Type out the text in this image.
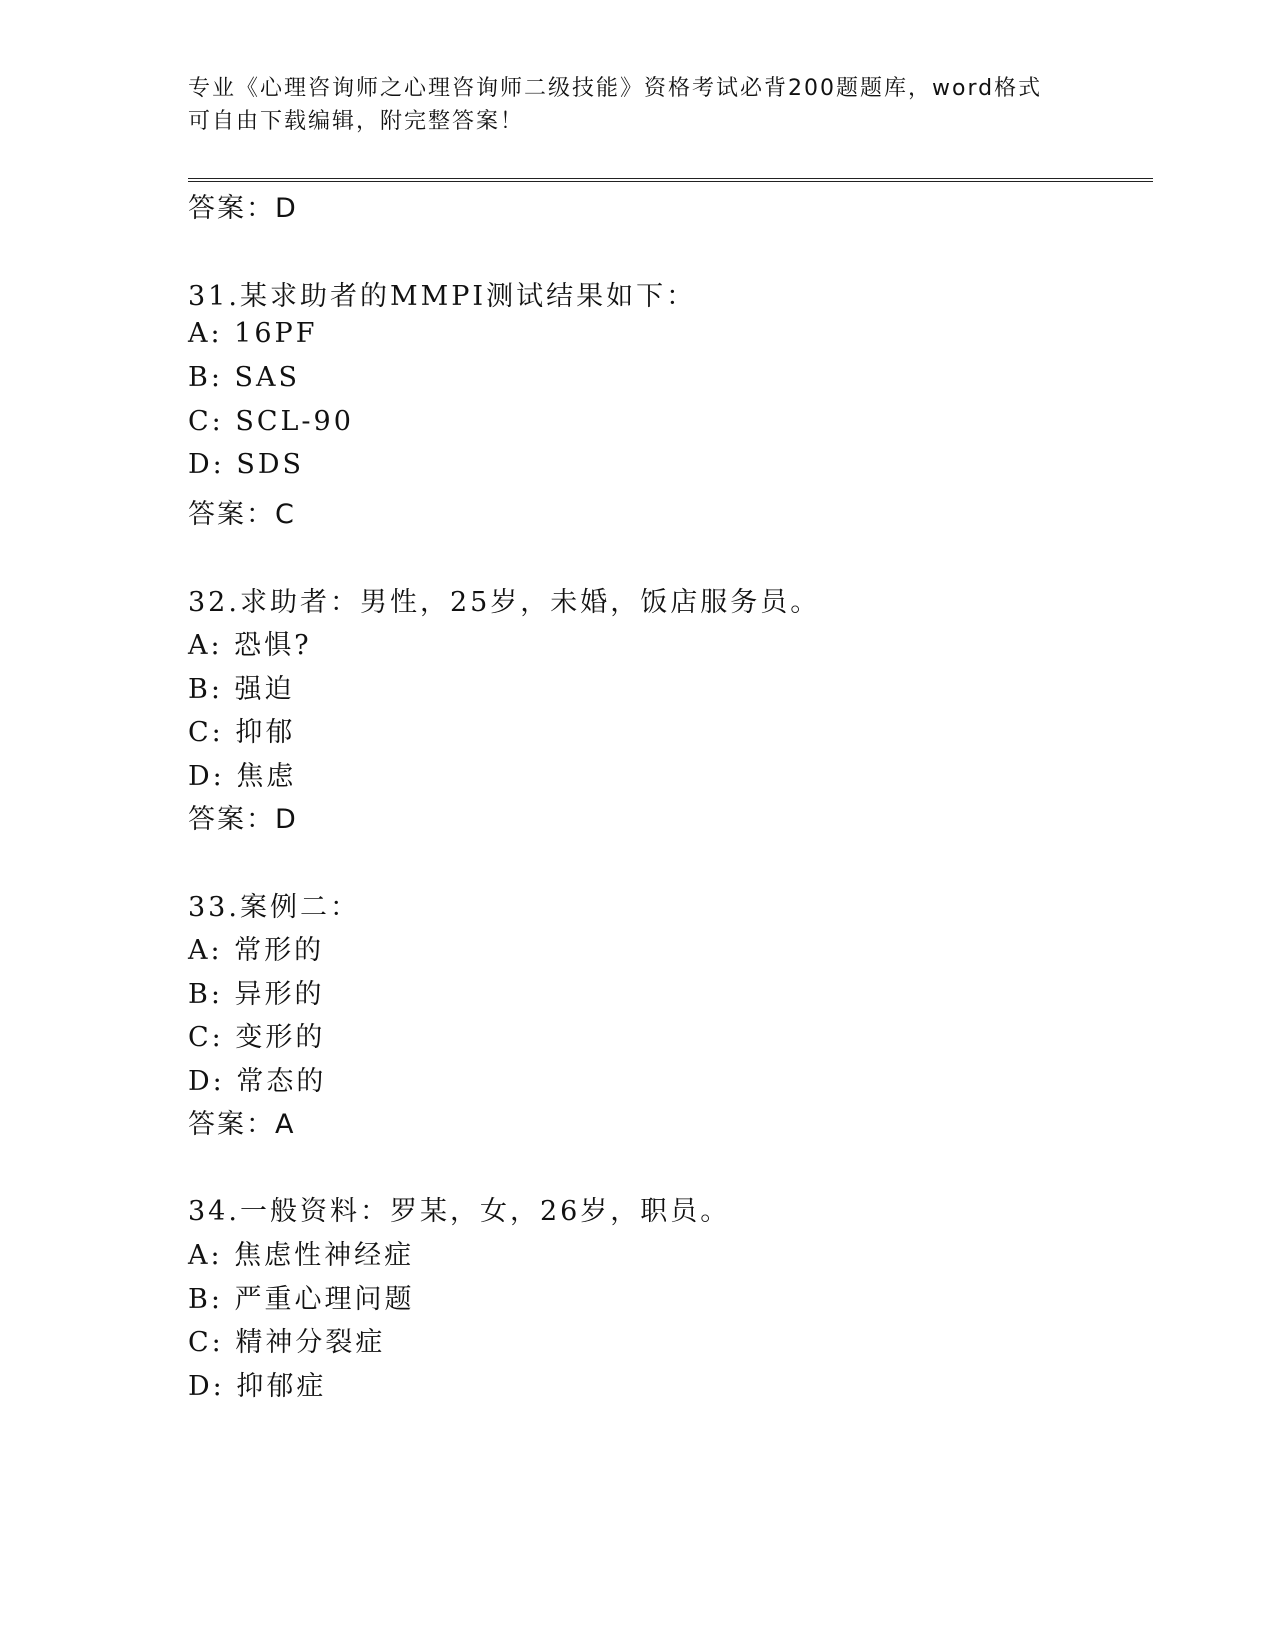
专业《心理咨询师之心理咨询师二级技能》资格考试必背200题题库，word格式
可自由下载编辑，附完整答案！
答案：D
31.某求助者的MMPI测试结果如下：
A: 16PF
B: SAS
C: SCL-90
D: SDS
答案：C
32.求助者：男性，25岁，未婚，饭店服务员。
A: 恐惧?
B: 强迫
C: 抑郁
D: 焦虑
答案：D
33.案例二：
A: 常形的
B: 异形的
C: 变形的
D: 常态的
答案：A
34.一般资料：罗某，女，26岁，职员。
A: 焦虑性神经症
B: 严重心理问题
C: 精神分裂症
D: 抑郁症
